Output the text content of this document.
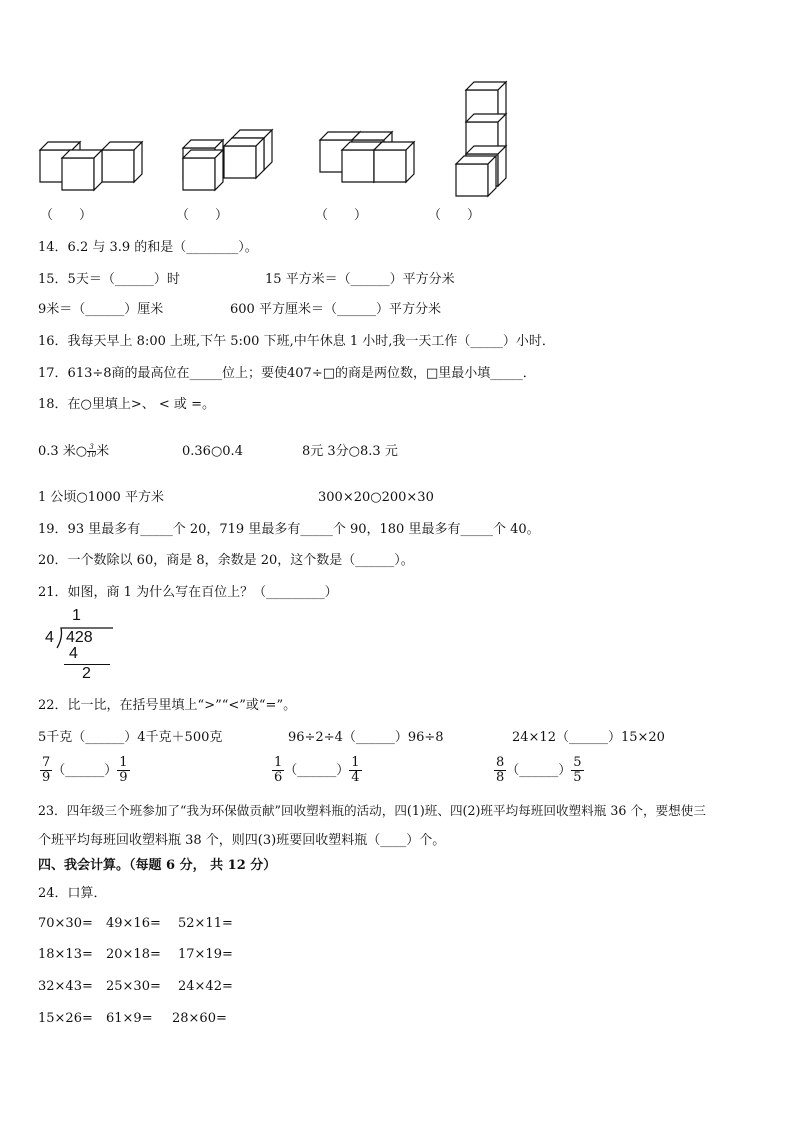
（　　）	（　　）	（　　）	（　　）
14．6.2 与 3.9 的和是（________）。
15．5天＝（______）时	15 平方米＝（______）平方分米
9米＝（______）厘米	600 平方厘米＝（______）平方分米
16．我每天早上 8:00 上班,下午 5:00 下班,中午休息 1 小时,我一天工作（_____）小时．
17．613÷8商的最高位在_____位上；要使407÷□的商是两位数，□里最小填_____．
18．在○里填上>、 < 或 =。
0.3 米○ $\frac{3}{10}$ 米	0.36○0.4	8元 3分○8.3 元
1 公顷○1000 平方米	300×20○200×30
19．93 里最多有_____个 20，719 里最多有_____个 90，180 里最多有_____个 40。
20．一个数除以 60，商是 8，余数是 20，这个数是（______）。
21．如图，商 1 为什么写在百位上？（_________）
1
4 428
4
2
22．比一比，在括号里填上“>”“<”或“=”。
5千克（______）4千克＋500克	96÷2÷4（______）96÷8	24×12（______）15×20
$\frac{7}{9}$ （______） $\frac{1}{9}$	$\frac{1}{6}$ （______） $\frac{1}{4}$	$\frac{8}{8}$ （______） $\frac{5}{5}$
23．四年级三个班参加了“我为环保做贡献”回收塑料瓶的活动，四(1)班、四(2)班平均每班回收塑料瓶 36 个，要想使三
个班平均每班回收塑料瓶 38 个，则四(3)班要回收塑料瓶（____）个。
四、我会计算。（每题 6 分， 共 12 分）
24．口算．
70×30= 49×16= 52×11=
18×13= 20×18= 17×19=
32×43= 25×30= 24×42=
15×26= 61×9= 28×60=
